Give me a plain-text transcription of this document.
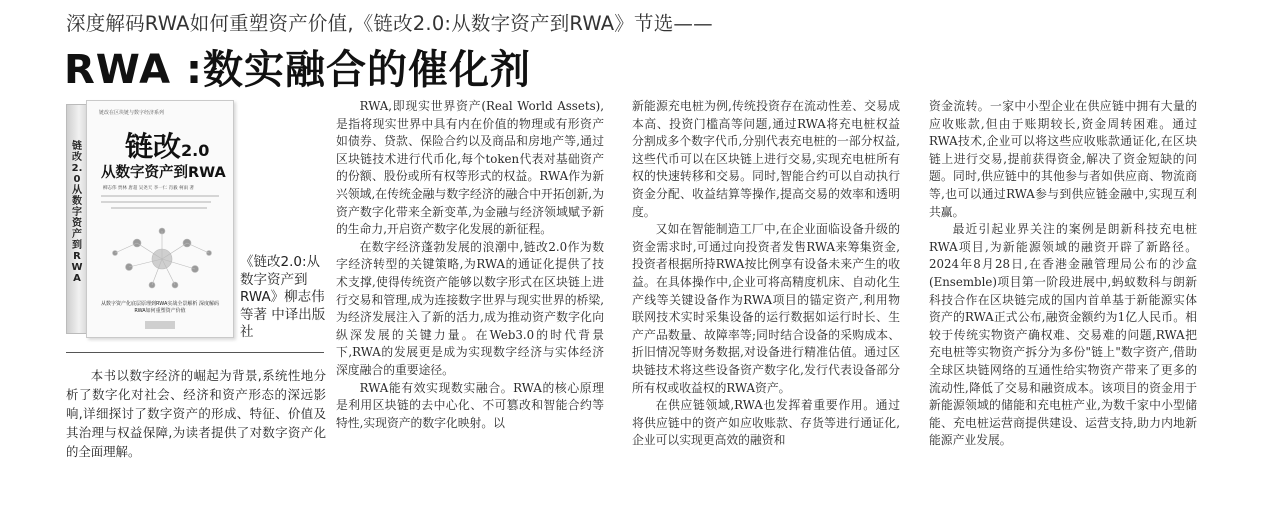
深度解码RWA如何重塑资产价值,《链改2.0:从数字资产到RWA》节选——
RWA :数实融合的催化剂
链改2.0 从数字资产到RWA
链改在区块链与数字经济系列
链改2.0
从数字资产到RWA
柳志伟 贾林 唐超 吴尧天 李一仁 肖毅 柯雨 著
从数字资产化底层原理到RWA实战全景解析 深度解码RWA如何重塑资产价值
《链改2.0:从数字资产到RWA》柳志伟 等著 中译出版社

本书以数字经济的崛起为背景,系统性地分析了数字化对社会、经济和资产形态的深远影响,详细探讨了数字资产的形成、特征、价值及其治理与权益保障,为读者提供了对数字资产化的全面理解。

RWA,即现实世界资产(Real World Assets),是指将现实世界中具有内在价值的物理或有形资产如债券、贷款、保险合约以及商品和房地产等,通过区块链技术进行代币化,每个token代表对基础资产的份额、股份或所有权等形式的权益。RWA作为新兴领域,在传统金融与数字经济的融合中开拓创新,为资产数字化带来全新变革,为金融与经济领域赋予新的生命力,开启资产数字化发展的新征程。

在数字经济蓬勃发展的浪潮中,链改2.0作为数字经济转型的关键策略,为RWA的通证化提供了技术支撑,使得传统资产能够以数字形式在区块链上进行交易和管理,成为连接数字世界与现实世界的桥梁,为经济发展注入了新的活力,成为推动资产数字化向纵深发展的关键力量。在Web3.0的时代背景下,RWA的发展更是成为实现数字经济与实体经济深度融合的重要途径。

RWA能有效实现数实融合。RWA的核心原理是利用区块链的去中心化、不可篡改和智能合约等特性,实现资产的数字化映射。以

新能源充电桩为例,传统投资存在流动性差、交易成本高、投资门槛高等问题,通过RWA将充电桩权益分割成多个数字代币,分别代表充电桩的一部分权益,这些代币可以在区块链上进行交易,实现充电桩所有权的快速转移和交易。同时,智能合约可以自动执行资金分配、收益结算等操作,提高交易的效率和透明度。

又如在智能制造工厂中,在企业面临设备升级的资金需求时,可通过向投资者发售RWA来筹集资金,投资者根据所持RWA按比例享有设备未来产生的收益。在具体操作中,企业可将高精度机床、自动化生产线等关键设备作为RWA项目的锚定资产,利用物联网技术实时采集设备的运行数据如运行时长、生产产品数量、故障率等;同时结合设备的采购成本、折旧情况等财务数据,对设备进行精准估值。通过区块链技术将这些设备资产数字化,发行代表设备部分所有权或收益权的RWA资产。

在供应链领域,RWA也发挥着重要作用。通过将供应链中的资产如应收账款、存货等进行通证化,企业可以实现更高效的融资和

资金流转。一家中小型企业在供应链中拥有大量的应收账款,但由于账期较长,资金周转困难。通过RWA技术,企业可以将这些应收账款通证化,在区块链上进行交易,提前获得资金,解决了资金短缺的问题。同时,供应链中的其他参与者如供应商、物流商等,也可以通过RWA参与到供应链金融中,实现互利共赢。

最近引起业界关注的案例是朗新科技充电桩RWA项目,为新能源领域的融资开辟了新路径。2024年8月28日,在香港金融管理局公布的沙盒(Ensemble)项目第一阶段进展中,蚂蚁数科与朗新科技合作在区块链完成的国内首单基于新能源实体资产的RWA正式公布,融资金额约为1亿人民币。相较于传统实物资产确权难、交易难的问题,RWA把充电桩等实物资产拆分为多份"链上"数字资产,借助全球区块链网络的互通性给实物资产带来了更多的流动性,降低了交易和融资成本。该项目的资金用于新能源领域的储能和充电桩产业,为数千家中小型储能、充电桩运营商提供建设、运营支持,助力内地新能源产业发展。
